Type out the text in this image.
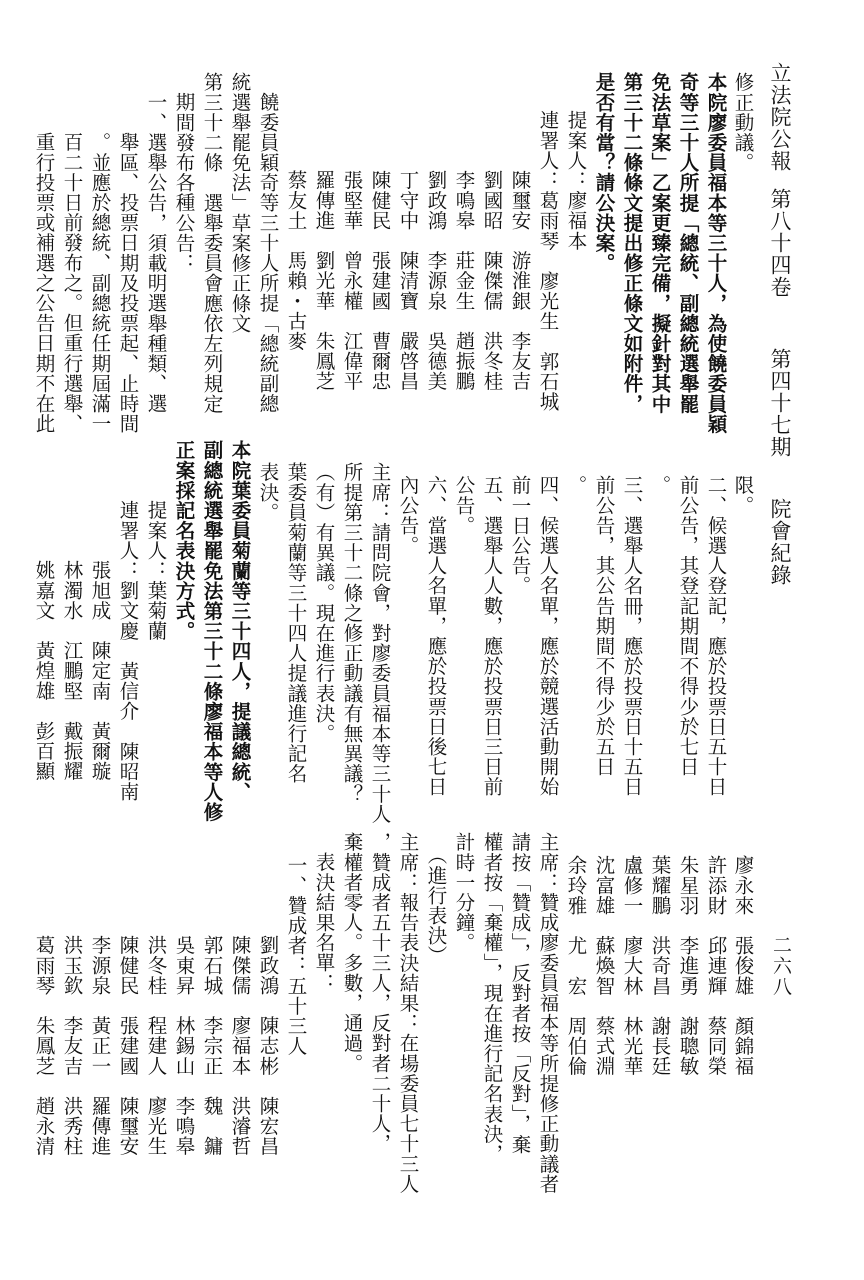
立法院公報
第八十四卷
第四十七期
院會紀錄
二六八
修正動議。
本院廖委員福本等三十人，為使饒委員穎
奇等三十人所提「總統、副總統選舉罷
免法草案」乙案更臻完備，擬針對其中
第三十二條條文提出修正條文如附件，
是否有當？請公決案。
提案人：廖福本
連署人：葛雨琴　廖光生　郭石城
陳璽安　游淮銀　李友吉
劉國昭　陳傑儒　洪冬桂
李鳴皋　莊金生　趙振鵬
劉政鴻　李源泉　吳德美
丁守中　陳清寶　嚴啓昌
陳健民　張建國　曹爾忠
張堅華　曾永權　江偉平
羅傳進　劉光華　朱鳳芝
蔡友土　馬賴・古麥
饒委員穎奇等三十人所提「總統副總
統選舉罷免法」草案修正條文
第三十二條　選舉委員會應依左列規定
期間發布各種公告：
一、選舉公告，須載明選舉種類、選
舉區、投票日期及投票起、止時間
。並應於總統、副總統任期屆滿一
百二十日前發布之。但重行選舉、
重行投票或補選之公告日期不在此
限。
二、候選人登記，應於投票日五十日
前公告，其登記期間不得少於七日
。
三、選舉人名冊，應於投票日十五日
前公告，其公告期間不得少於五日
。
四、候選人名單，應於競選活動開始
前一日公告。
五、選舉人人數，應於投票日三日前
公告。
六、當選人名單，應於投票日後七日
內公告。
主席：請問院會，對廖委員福本等三十人
所提第三十二條之修正動議有無異議？
（有）有異議。現在進行表決。
葉委員菊蘭等三十四人提議進行記名
表決。
本院葉委員菊蘭等三十四人，提議總統、
副總統選舉罷免法第三十二條廖福本等人修
正案採記名表決方式。
提案人：葉菊蘭
連署人：劉文慶　黃信介　陳昭南
張旭成　陳定南　黃爾璇
林濁水　江鵬堅　戴振耀
姚嘉文　黃煌雄　彭百顯
廖永來　張俊雄　顏錦福
許添財　邱連輝　蔡同榮
朱星羽　李進勇　謝聰敏
葉耀鵬　洪奇昌　謝長廷
盧修一　廖大林　林光華
沈富雄　蘇煥智　蔡式淵
余玲雅　尤　宏　周伯倫
主席：贊成廖委員福本等所提修正動議者
請按「贊成」，反對者按「反對」，棄
權者按「棄權」，現在進行記名表決，
計時一分鐘。
（進行表決）
主席：報告表決結果：在場委員七十三人
，贊成者五十三人，反對者二十人，
棄權者零人。多數，通過。
表決結果名單：
一、贊成者：五十三人
劉政鴻　陳志彬　陳宏昌
陳傑儒　廖福本　洪濬哲
郭石城　李宗正　魏　鏞
吳東昇　林錫山　李鳴皋
洪冬桂　程建人　廖光生
陳健民　張建國　陳璽安
李源泉　黃正一　羅傳進
洪玉欽　李友吉　洪秀柱
葛雨琴　朱鳳芝　趙永清
